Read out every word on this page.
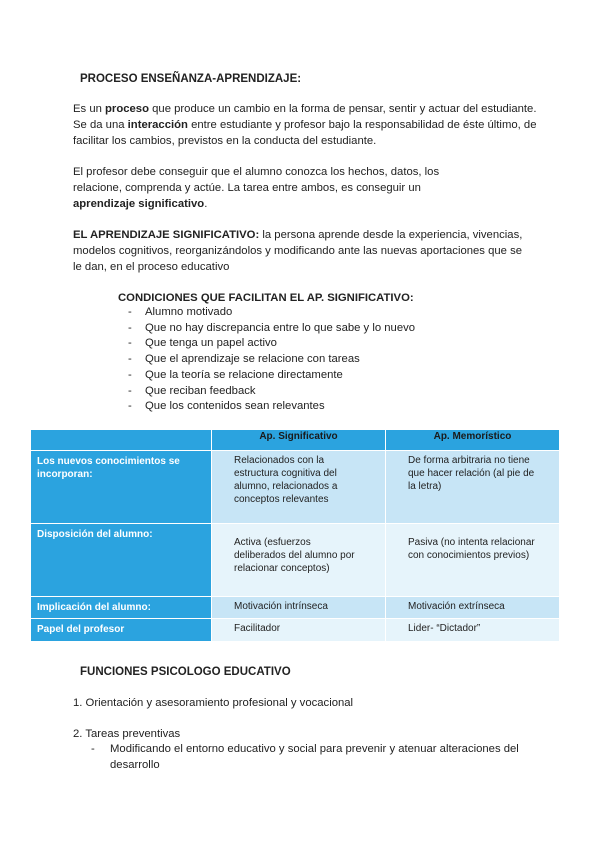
PROCESO ENSEÑANZA-APRENDIZAJE:

Es un proceso que produce un cambio en la forma de pensar, sentir y actuar del estudiante. Se da una interacción entre estudiante y profesor bajo la responsabilidad de éste último, de facilitar los cambios, previstos en la conducta del estudiante.

El profesor debe conseguir que el alumno conozca los hechos, datos, los relacione, comprenda y actúe. La tarea entre ambos, es conseguir un aprendizaje significativo.

EL APRENDIZAJE SIGNIFICATIVO: la persona aprende desde la experiencia, vivencias, modelos cognitivos, reorganizándolos y modificando ante las nuevas aportaciones que se le dan, en el proceso educativo

CONDICIONES QUE FACILITAN EL AP. SIGNIFICATIVO:
- Alumno motivado
- Que no hay discrepancia entre lo que sabe y lo nuevo
- Que tenga un papel activo
- Que el aprendizaje se relacione con tareas
- Que la teoría se relacione directamente
- Que reciban feedback
- Que los contenidos sean relevantes
	Ap. Significativo	Ap. Memorístico
Los nuevos conocimientos se incorporan:	Relacionados con la estructura cognitiva del alumno, relacionados a conceptos relevantes	De forma arbitraria no tiene que hacer relación (al pie de la letra)
Disposición del alumno:	Activa (esfuerzos deliberados del alumno por relacionar conceptos)	Pasiva (no intenta relacionar con conocimientos previos)
Implicación del alumno:	Motivación intrínseca	Motivación extrínseca
Papel del profesor	Facilitador	Lider- “Dictador”
FUNCIONES PSICOLOGO EDUCATIVO

1. Orientación y asesoramiento profesional y vocacional

2. Tareas preventivas

- Modificando el entorno educativo y social para prevenir y atenuar alteraciones del desarrollo
